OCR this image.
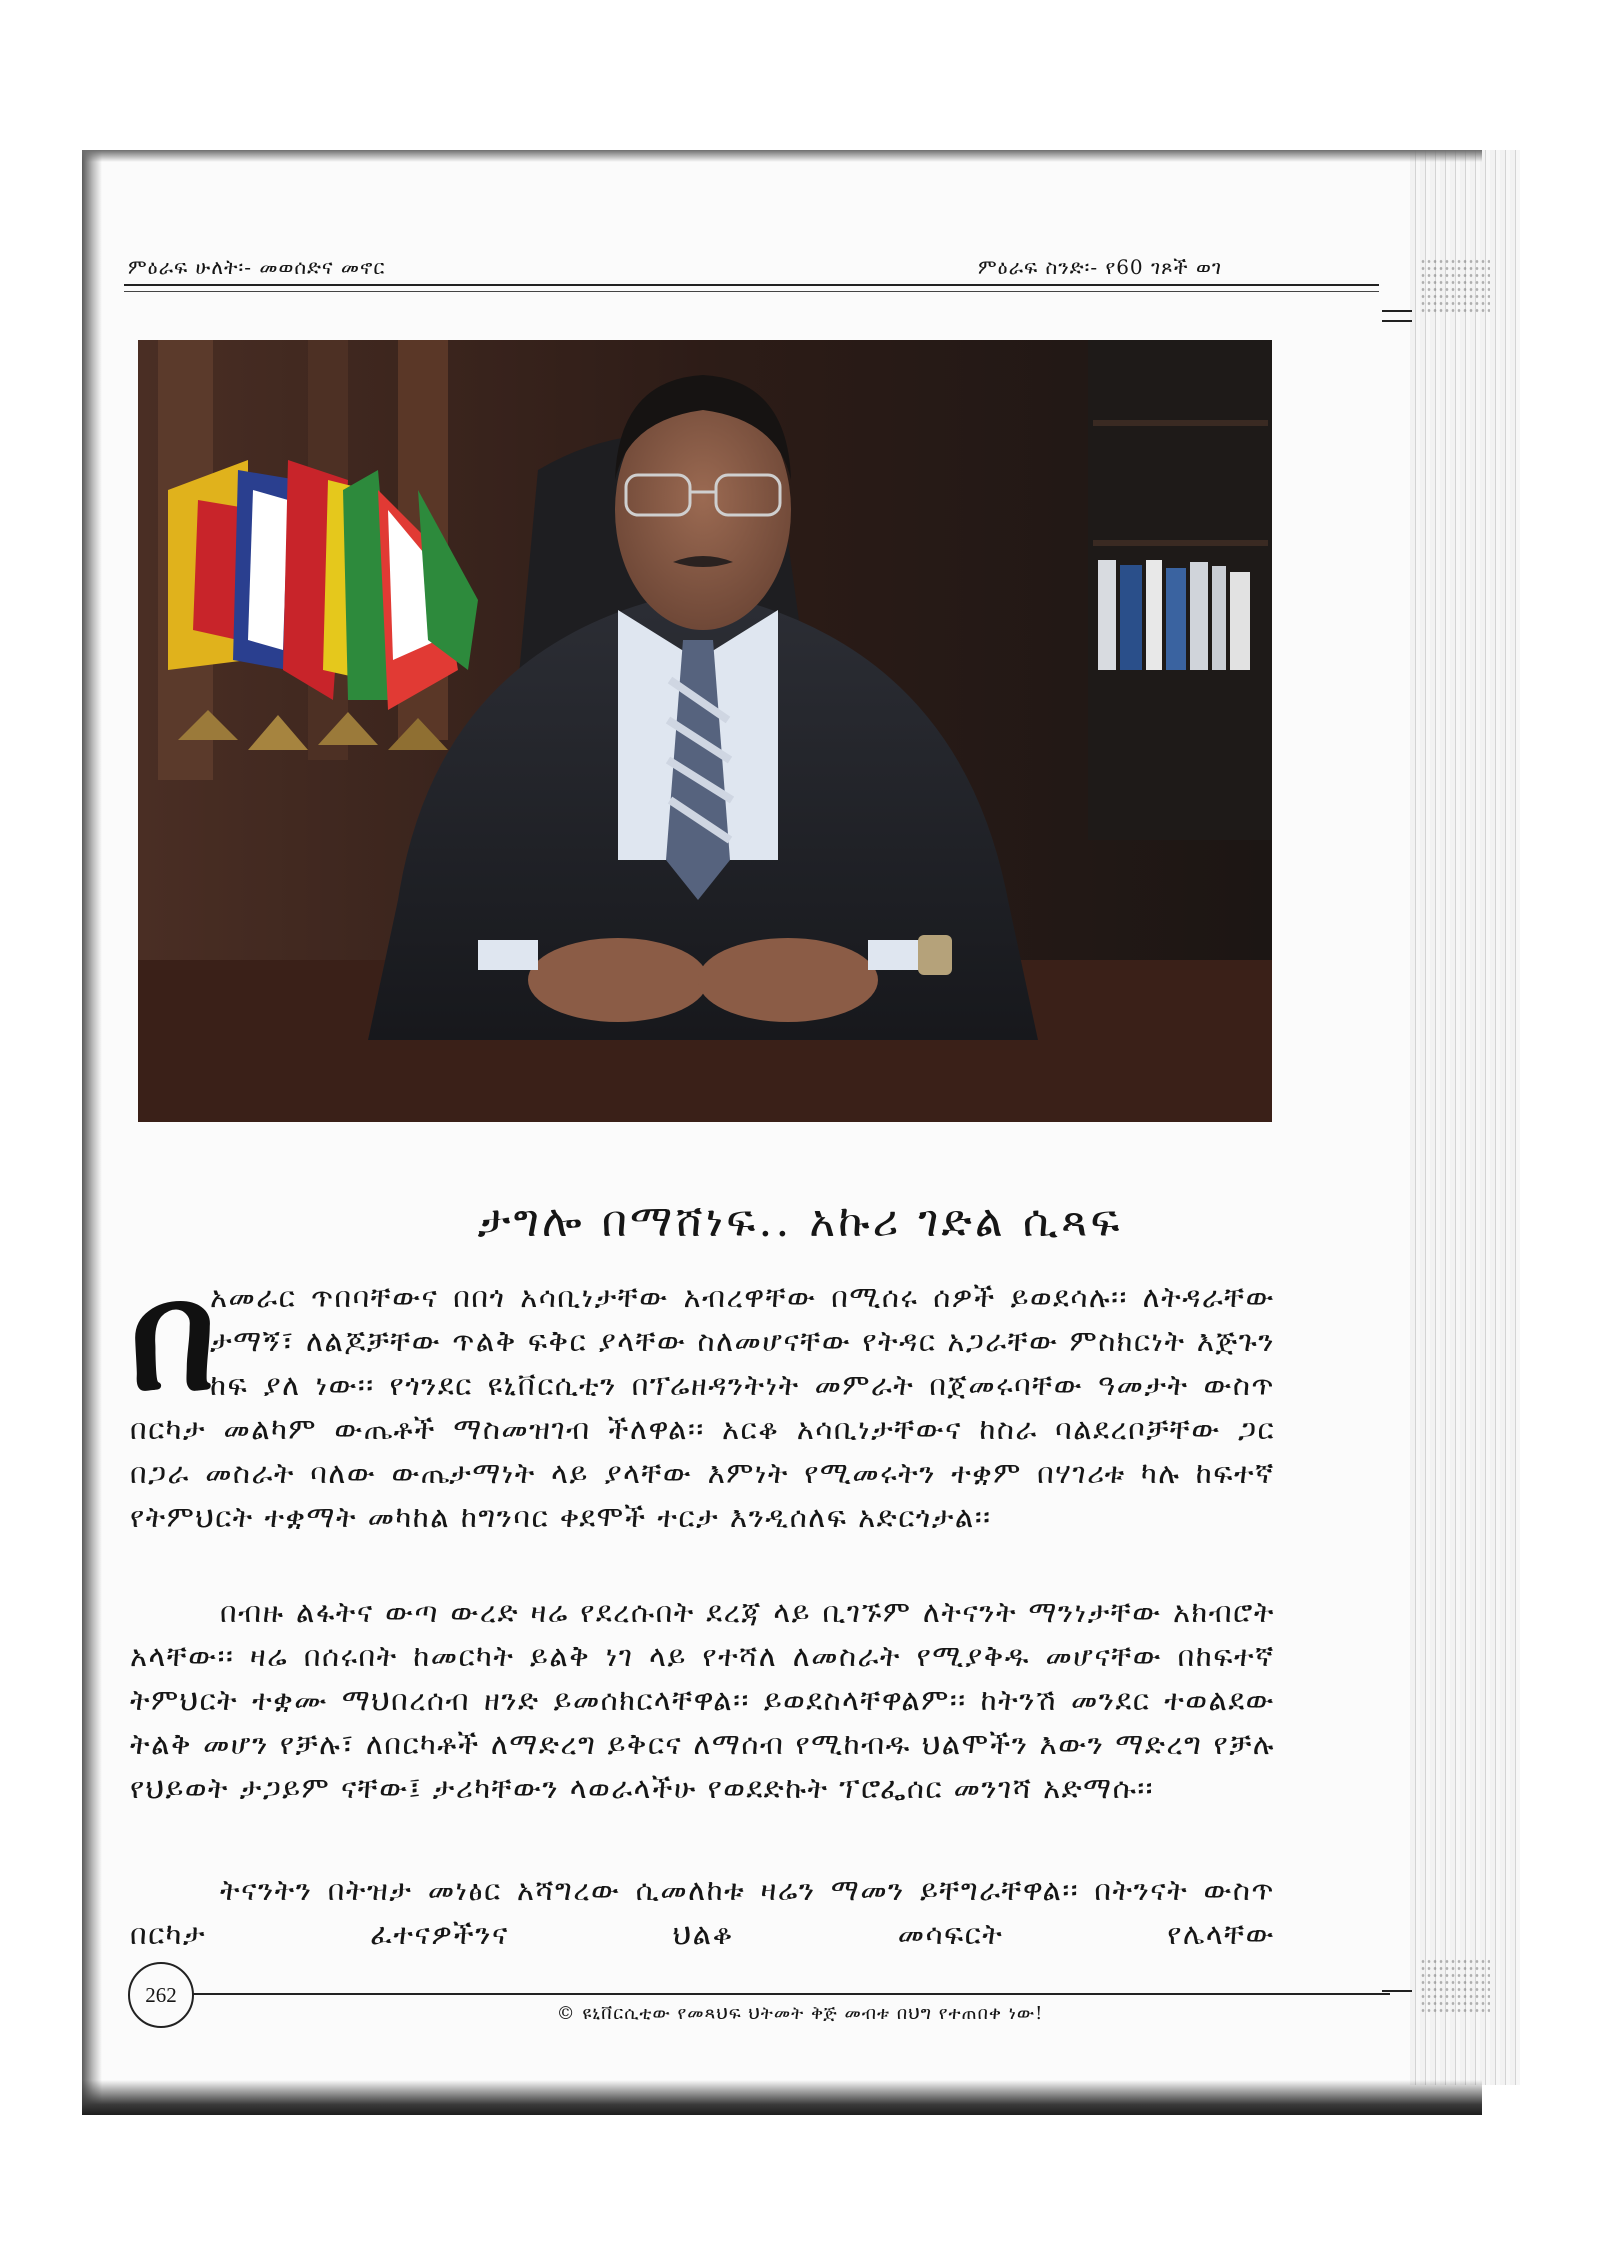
ምዕራፍ ሁለት፡- መወሰድና መኖር	ምዕራፍ ስንድ፡- የ60 ገጾች ወገ
ታግሎ በማሸነፍ.. አኩሪ ገድል ሲጻፍ
አመራር ጥበባቸውና በበጎ አሳቢነታቸው አብረዋቸው በሚሰሩ ሰዎች ይወደሳሉ፡፡ ለትዳራቸው ታማኝ፣ ለልጆቻቸው ጥልቅ ፍቅር ያላቸው ስለመሆናቸው የትዳር አጋራቸው ምስክርነት እጅጉን ከፍ ያለ ነው፡፡ የጎንደር ዩኒቨርሲቲን በፕሬዘዳንትነት መምራት በጀመሩባቸው ዓመታት ውስጥ በርካታ መልካም ውጤቶች ማስመዝገብ ችለዋል፡፡ አርቆ አሳቢነታቸውና ከስራ ባልደረቦቻቸው ጋር በጋራ መስራት ባለው ውጤታማነት ላይ ያላቸው እምነት የሚመሩትን ተቋም በሃገሪቱ ካሉ ከፍተኛ የትምህርት ተቋማት መካከል ከግንባር ቀደሞች ተርታ እንዲሰለፍ አድርጎታል፡፡
በ
በብዙ ልፋትና ውጣ ውረድ ዛሬ የደረሱበት ደረጃ ላይ ቢገኙም ለትናንት ማንነታቸው አክብሮት አላቸው፡፡ ዛሬ በሰሩበት ከመርካት ይልቅ ነገ ላይ የተሻለ ለመስራት የሚያቅዱ መሆናቸው በከፍተኛ ትምህርት ተቋሙ ማህበረሰብ ዘንድ ይመሰክርላቸዋል፡፡ ይወደስላቸዋልም፡፡ ከትንሽ መንደር ተወልደው ትልቅ መሆን የቻሉ፣ ለበርካቶች ለማድረግ ይቅርና ለማሰብ የሚከብዱ ህልሞችን እውን ማድረግ የቻሉ የህይወት ታጋይም ናቸው፤ ታሪካቸውን ላወራላችሁ የወደድኩት ፕሮፌሰር መንገሻ አድማሱ፡፡
ትናንትን በትዝታ መነፅር አሻግረው ሲመለከቱ ዛሬን ማመን ይቸግራቸዋል፡፡ በትንናት ውስጥ በርካታ ፈተናዎችንና ህልቆ መሳፍርት የሌላቸው
262
© ዩኒቨርሲቲው የመጻህፍ ህትመት ቅጅ መብቱ በህግ የተጠበቀ ነው!
